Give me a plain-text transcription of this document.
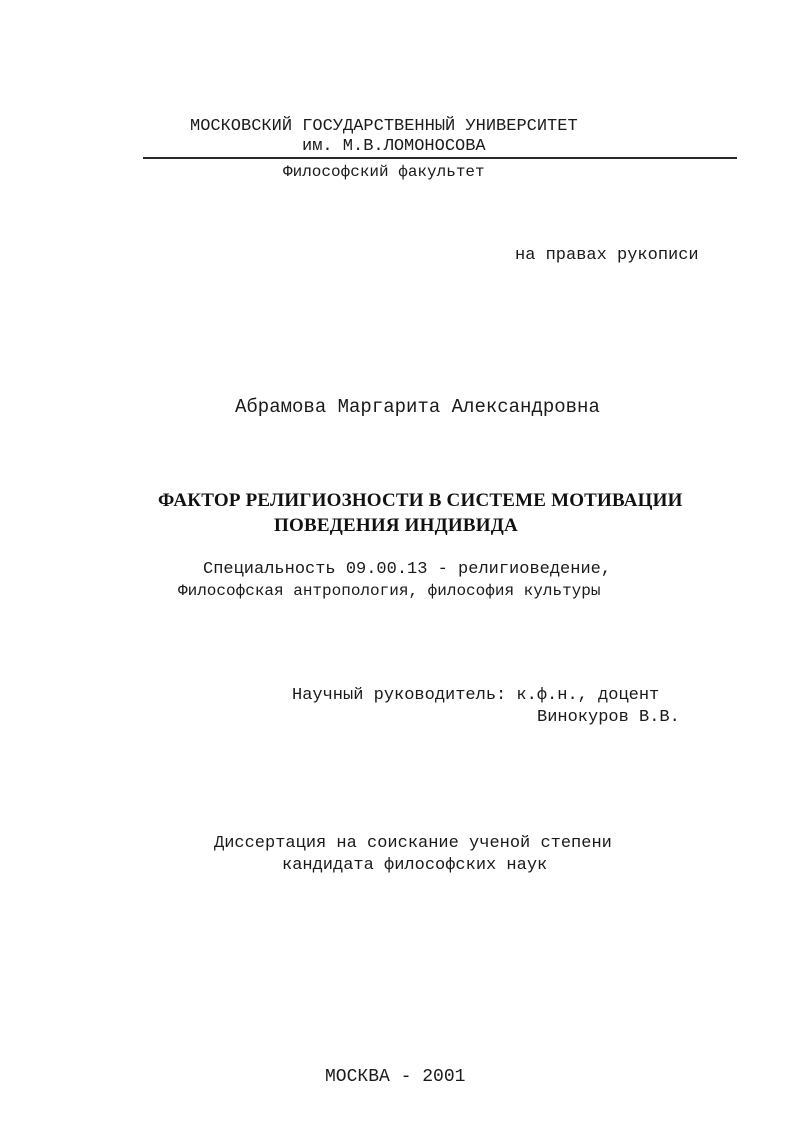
МОСКОВСКИЙ ГОСУДАРСТВЕННЫЙ УНИВЕРСИТЕТ
им. М.В.ЛОМОНОСОВА
Философский факультет
на правах рукописи
Абрамова Маргарита Александровна
ФАКТОР РЕЛИГИОЗНОСТИ В СИСТЕМЕ МОТИВАЦИИ
ПОВЕДЕНИЯ ИНДИВИДА
Специальность 09.00.13 - религиоведение,
Философская антропология, философия культуры
Научный руководитель: к.ф.н., доцент
Винокуров В.В.
Диссертация на соискание ученой степени
кандидата философских наук
МОСКВА - 2001
